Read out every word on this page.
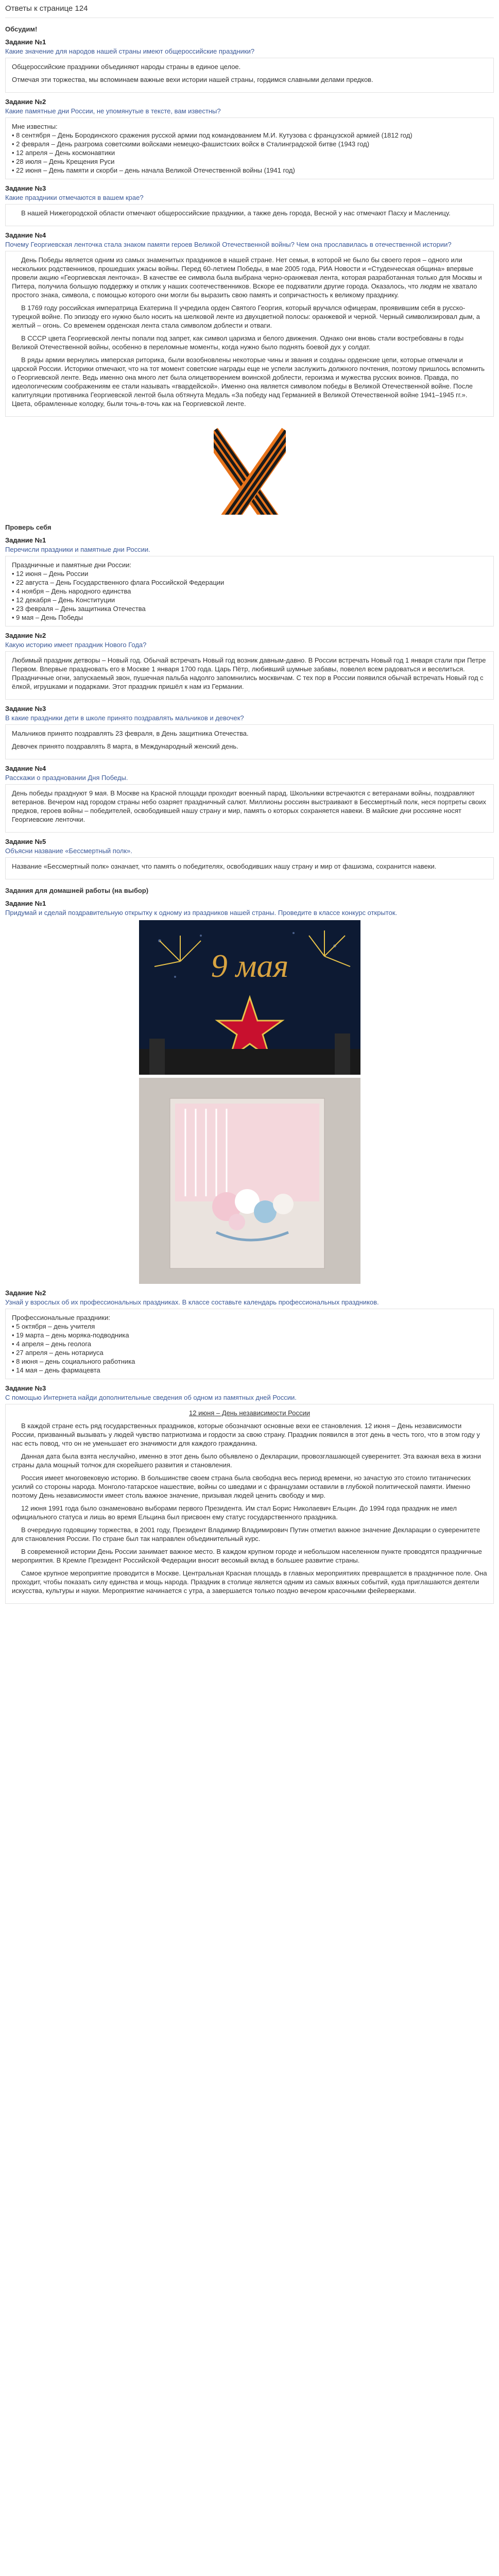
Ответы к странице 124
Обсудим!
Задание №1
Какие значение для народов нашей страны имеют общероссийские праздники?

Общероссийские праздники объединяют народы страны в единое целое.

Отмечая эти торжества, мы вспоминаем важные вехи истории нашей страны, гордимся славными делами предков.

Задание №2
Какие памятные дни России, не упомянутые в тексте, вам известны?
Мне известны:
• 8 сентября – День Бородинского сражения русской армии под командованием М.И. Кутузова с французской армией (1812 год)
• 2 февраля – День разгрома советскими войсками немецко-фашистских войск в Сталинградской битве (1943 год)
• 12 апреля – День космонавтики
• 28 июля – День Крещения Руси
• 22 июня – День памяти и скорби – день начала Великой Отечественной войны (1941 год)
Задание №3
Какие праздники отмечаются в вашем крае?

В нашей Нижегородской области отмечают общероссийские праздники, а также день города, Весной у нас отмечают Пасху и Масленицу.

Задание №4
Почему Георгиевская ленточка стала знаком памяти героев Великой Отечественной войны? Чем она прославилась в отечественной истории?

День Победы является одним из самых знаменитых праздников в нашей стране. Нет семьи, в которой не было бы своего героя – одного или нескольких родственников, прошедших ужасы войны. Перед 60-летием Победы, в мае 2005 года, РИА Новости и «Студенческая община» впервые провели акцию «Георгиевская ленточка». В качестве ее символа была выбрана черно-оранжевая лента, которая разработанная только для Москвы и Питера, получила большую поддержку и отклик у наших соотечественников. Вскоре ее подхватили другие города. Оказалось, что людям не хватало простого знака, символа, с помощью которого они могли бы выразить свою память и сопричастность к великому празднику.

В 1769 году российская императрица Екатерина II учредила орден Святого Георгия, который вручался офицерам, проявившим себя в русско-турецкой войне. По эпизоду его нужно было носить на шелковой ленте из двухцветной полосы: оранжевой и черной. Черный символизировал дым, а желтый – огонь. Со временем орденская лента стала символом доблести и отваги.

В СССР цвета Георгиевской ленты попали под запрет, как символ царизма и белого движения. Однако они вновь стали востребованы в годы Великой Отечественной войны, особенно в переломные моменты, когда нужно было поднять боевой дух у солдат.

В ряды армии вернулись имперская риторика, были возобновлены некоторые чины и звания и созданы орденские цепи, которые отмечали и царской России. Историки отмечают, что на тот момент советские награды еще не успели заслужить должного почтения, поэтому пришлось вспомнить о Георгиевской ленте. Ведь именно она много лет была олицетворением воинской доблести, героизма и мужества русских воинов. Правда, по идеологическим соображениям ее стали называть «гвардейской». Именно она является символом победы в Великой Отечественной войне. После капитуляции противника Георгиевской лентой была обтянута Медаль «За победу над Германией в Великой Отечественной войне 1941–1945 гг.». Цвета, обрамленные колодку, были точь-в-точь как на Георгиевской ленте.

Проверь себя
Задание №1
Перечисли праздники и памятные дни России.
Праздничные и памятные дни России:
• 12 июня – День России
• 22 августа – День Государственного флага Российской Федерации
• 4 ноября – День народного единства
• 12 декабря – День Конституции
• 23 февраля – День защитника Отечества
• 9 мая – День Победы
Задание №2
Какую историю имеет праздник Нового Года?

Любимый праздник детворы – Новый год. Обычай встречать Новый год возник давным-давно. В России встречать Новый год 1 января стали при Петре Первом. Впервые праздновать его в Москве 1 января 1700 года. Царь Пётр, любивший шумные забавы, повелел всем радоваться и веселиться. Праздничные огни, запускаемый звон, пушечная пальба надолго запомнились москвичам. С тех пор в России появился обычай встречать Новый год с ёлкой, игрушками и подарками. Этот праздник пришёл к нам из Германии.

Задание №3
В какие праздники дети в школе принято поздравлять мальчиков и девочек?

Мальчиков принято поздравлять 23 февраля, в День защитника Отечества.

Девочек принято поздравлять 8 марта, в Международный женский день.

Задание №4
Расскажи о праздновании Дня Победы.

День победы празднуют 9 мая. В Москве на Красной площади проходит военный парад. Школьники встречаются с ветеранами войны, поздравляют ветеранов. Вечером над городом страны небо озаряет праздничный салют. Миллионы россиян выстраивают в Бессмертный полк, неся портреты своих предков, героев войны – победителей, освободившей нашу страну и мир, память о которых сохраняется навеки. В майские дни россияне носят Георгиевские ленточки.

Задание №5
Объясни название «Бессмертный полк».

Название «Бессмертный полк» означает, что память о победителях, освободивших нашу страну и мир от фашизма, сохранится навеки.

Задания для домашней работы (на выбор)
Задание №1
Придумай и сделай поздравительную открытку к одному из праздников нашей страны. Проведите в классе конкурс открыток.
9 мая
Задание №2
Узнай у взрослых об их профессиональных праздниках. В классе составьте календарь профессиональных праздников.
Профессиональные праздники:
• 5 октября – день учителя
• 19 марта – день моряка-подводника
• 4 апреля – день геолога
• 27 апреля – день нотариуса
• 8 июня – день социального работника
• 14 мая – день фармацевта
Задание №3
С помощью Интернета найди дополнительные сведения об одном из памятных дней России.
12 июня – День независимости России

В каждой стране есть ряд государственных праздников, которые обозначают основные вехи ее становления. 12 июня – День независимости России, призванный вызывать у людей чувство патриотизма и гордости за свою страну. Праздник появился в этот день в честь того, что в этом году у нас есть повод, что он не уменьшает его значимости для каждого гражданина.

Данная дата была взята неслучайно, именно в этот день было объявлено о Декларации, провозглашающей суверенитет. Эта важная веха в жизни страны дала мощный толчок для скорейшего развития и становления.

Россия имеет многовековую историю. В большинстве своем страна была свободна весь период времени, но зачастую это стоило титанических усилий со стороны народа. Монголо-татарское нашествие, войны со шведами и с французами оставили в глубокой политической памяти. Именно поэтому День независимости имеет столь важное значение, призывая людей ценить свободу и мир.

12 июня 1991 года было ознаменовано выборами первого Президента. Им стал Борис Николаевич Ельцин. До 1994 года праздник не имел официального статуса и лишь во время Ельцина был присвоен ему статус государственного праздника.

В очередную годовщину торжества, в 2001 году, Президент Владимир Владимирович Путин отметил важное значение Декларации о суверенитете для становления России. По стране был так направлен объединительный курс.

В современной истории День России занимает важное место. В каждом крупном городе и небольшом населенном пункте проводятся праздничные мероприятия. В Кремле Президент Российской Федерации вносит весомый вклад в большее развитие страны.

Самое крупное мероприятие проводится в Москве. Центральная Красная площадь в главных мероприятиях превращается в праздничное поле. Она проходит, чтобы показать силу единства и мощь народа. Праздник в столице является одним из самых важных событий, куда приглашаются деятели искусства, культуры и науки. Мероприятие начинается с утра, а завершается только поздно вечером красочными фейерверками.
